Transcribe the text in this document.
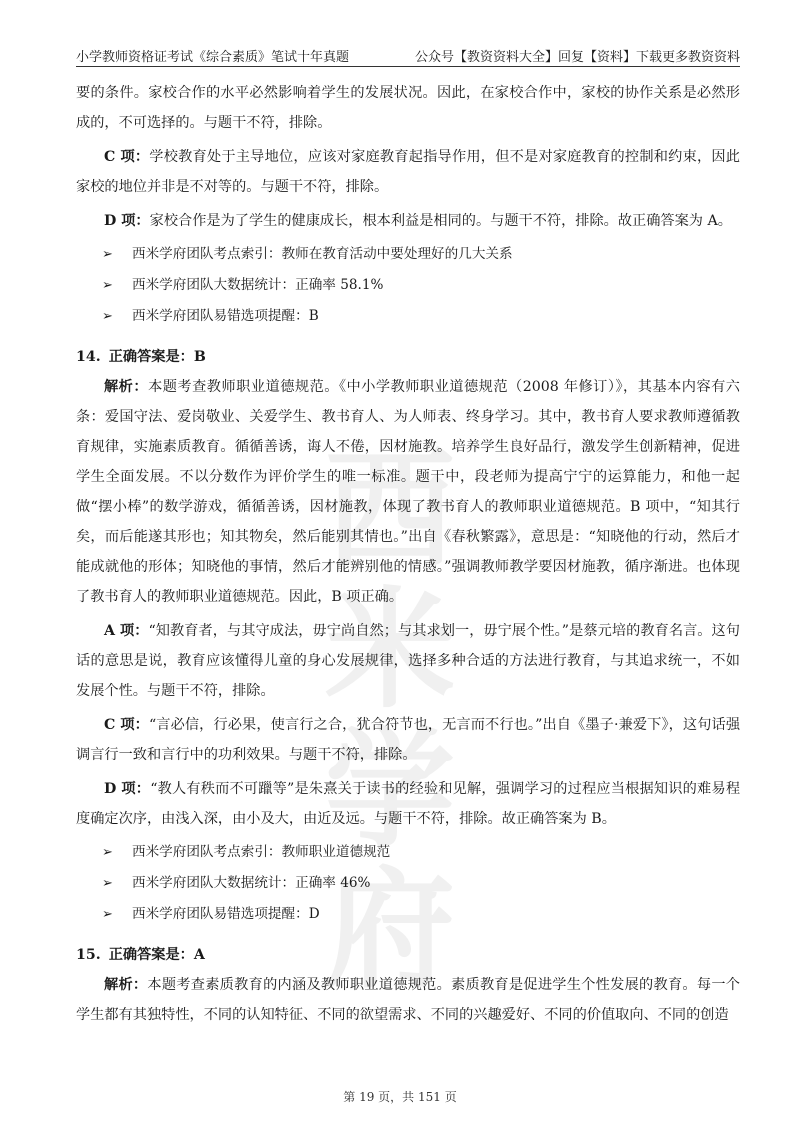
小学教师资格证考试《综合素质》笔试十年真题	公众号【教资资料大全】回复【资料】下载更多教资资料
西米学府

要的条件。家校合作的水平必然影响着学生的发展状况。因此，在家校合作中，家校的协作关系是必然形成的，不可选择的。与题干不符，排除。

C 项：学校教育处于主导地位，应该对家庭教育起指导作用，但不是对家庭教育的控制和约束，因此家校的地位并非是不对等的。与题干不符，排除。

D 项：家校合作是为了学生的健康成长，根本利益是相同的。与题干不符，排除。故正确答案为 A。

➢ 西米学府团队考点索引：教师在教育活动中要处理好的几大关系
➢ 西米学府团队大数据统计：正确率 58.1%
➢ 西米学府团队易错选项提醒：B
14. 正确答案是：B

解析：本题考查教师职业道德规范。《中小学教师职业道德规范（2008 年修订）》，其基本内容有六条：爱国守法、爱岗敬业、关爱学生、教书育人、为人师表、终身学习。其中，教书育人要求教师遵循教育规律，实施素质教育。循循善诱，诲人不倦，因材施教。培养学生良好品行，激发学生创新精神，促进学生全面发展。不以分数作为评价学生的唯一标准。题干中，段老师为提高宁宁的运算能力，和他一起做“摆小棒”的数学游戏，循循善诱，因材施教，体现了教书育人的教师职业道德规范。B 项中，“知其行矣，而后能遂其形也；知其物矣，然后能别其情也。”出自《春秋繁露》，意思是：“知晓他的行动，然后才能成就他的形体；知晓他的事情，然后才能辨别他的情感。”强调教师教学要因材施教，循序渐进。也体现了教书育人的教师职业道德规范。因此，B 项正确。

A 项：“知教育者，与其守成法，毋宁尚自然；与其求划一，毋宁展个性。”是蔡元培的教育名言。这句话的意思是说，教育应该懂得儿童的身心发展规律，选择多种合适的方法进行教育，与其追求统一，不如发展个性。与题干不符，排除。

C 项：“言必信，行必果，使言行之合，犹合符节也，无言而不行也。”出自《墨子·兼爱下》，这句话强调言行一致和言行中的功利效果。与题干不符，排除。

D 项：“教人有秩而不可躐等”是朱熹关于读书的经验和见解，强调学习的过程应当根据知识的难易程度确定次序，由浅入深，由小及大，由近及远。与题干不符，排除。故正确答案为 B。

➢ 西米学府团队考点索引：教师职业道德规范
➢ 西米学府团队大数据统计：正确率 46%
➢ 西米学府团队易错选项提醒：D
15. 正确答案是：A

解析：本题考查素质教育的内涵及教师职业道德规范。素质教育是促进学生个性发展的教育。每一个学生都有其独特性，不同的认知特征、不同的欲望需求、不同的兴趣爱好、不同的价值取向、不同的创造

第 19 页，共 151 页
